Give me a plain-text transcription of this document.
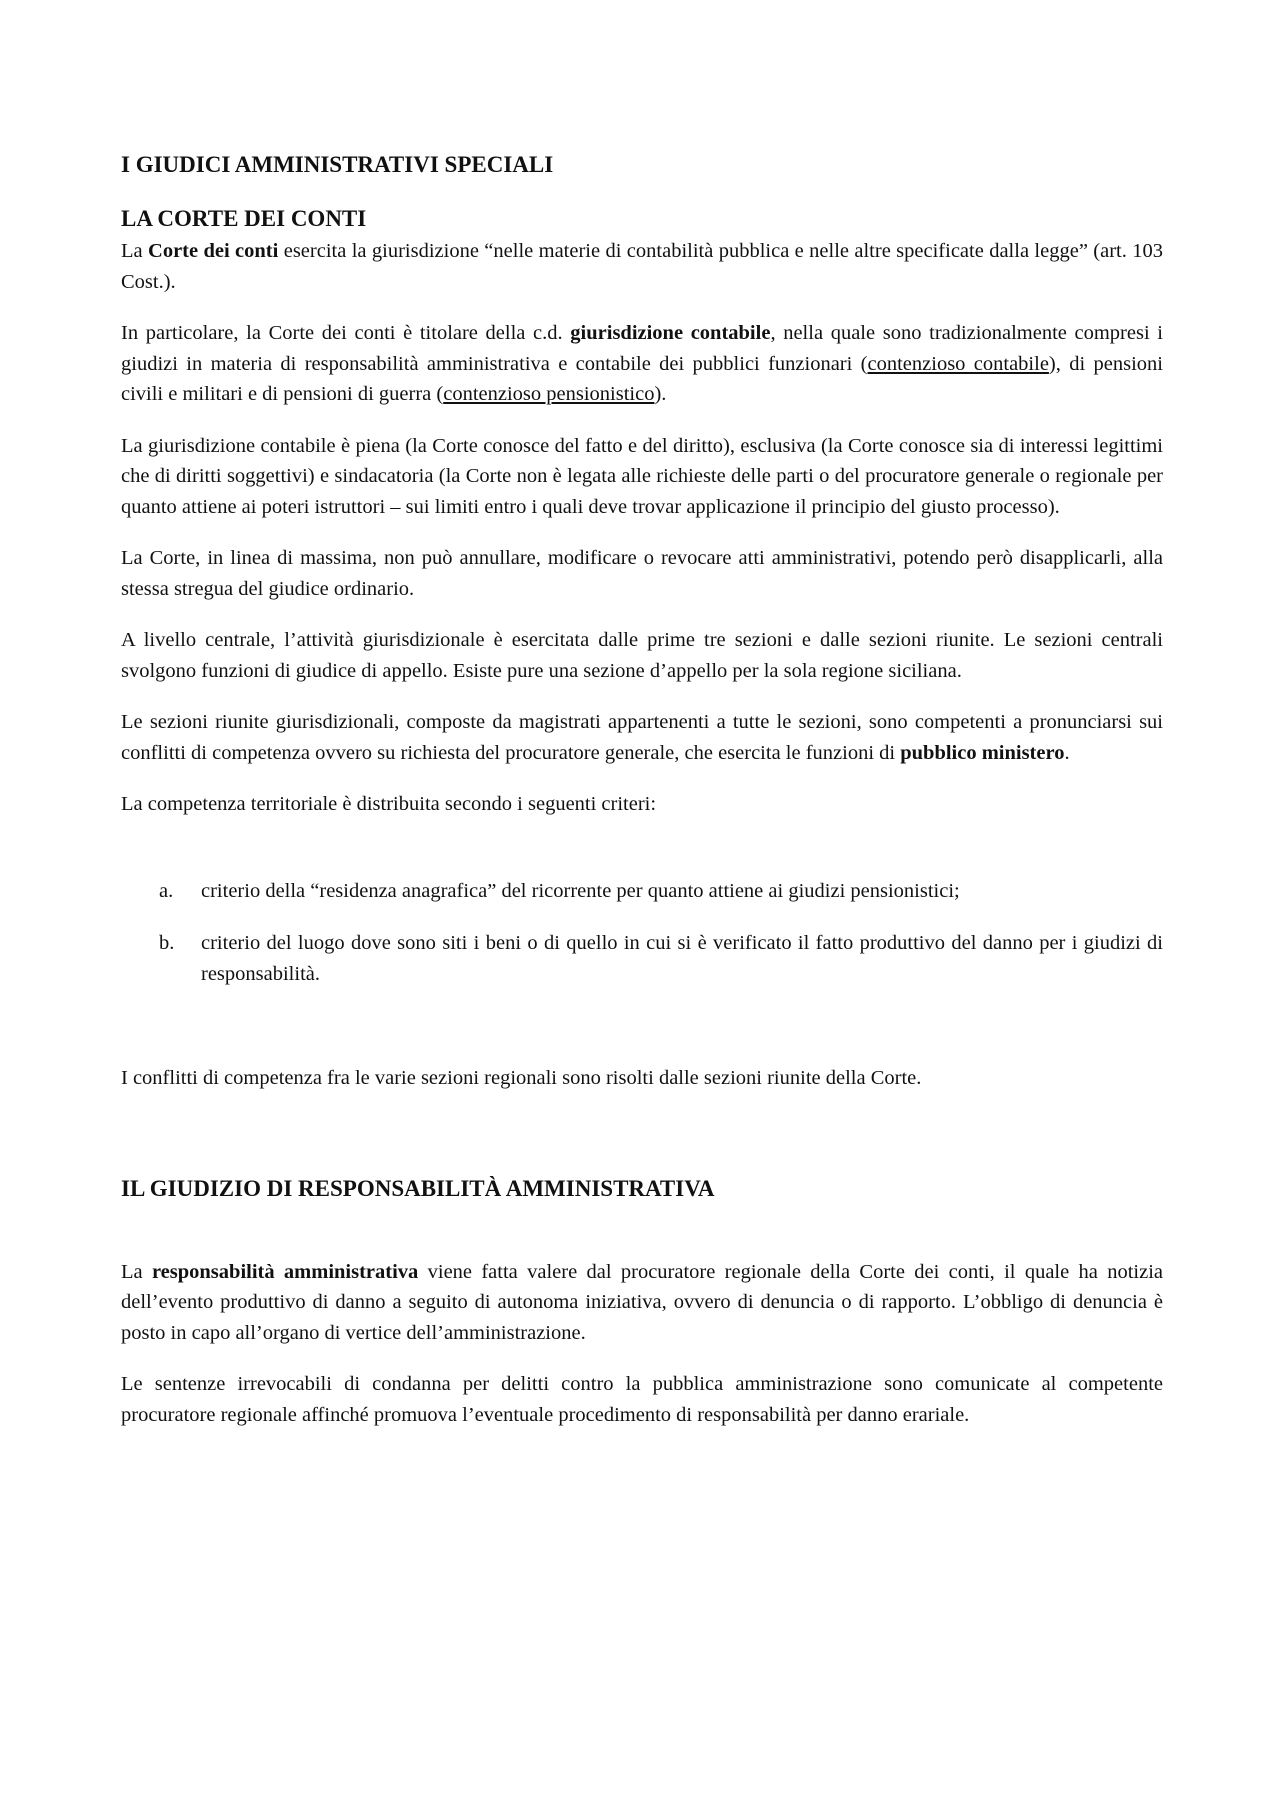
I GIUDICI AMMINISTRATIVI SPECIALI
LA CORTE DEI CONTI

La Corte dei conti esercita la giurisdizione “nelle materie di contabilità pubblica e nelle altre specificate dalla legge” (art. 103 Cost.).

In particolare, la Corte dei conti è titolare della c.d. giurisdizione contabile, nella quale sono tradizionalmente compresi i giudizi in materia di responsabilità amministrativa e contabile dei pubblici funzionari (contenzioso contabile), di pensioni civili e militari e di pensioni di guerra (contenzioso pensionistico).

La giurisdizione contabile è piena (la Corte conosce del fatto e del diritto), esclusiva (la Corte conosce sia di interessi legittimi che di diritti soggettivi) e sindacatoria (la Corte non è legata alle richieste delle parti o del procuratore generale o regionale per quanto attiene ai poteri istruttori – sui limiti entro i quali deve trovar applicazione il principio del giusto processo).

La Corte, in linea di massima, non può annullare, modificare o revocare atti amministrativi, potendo però disapplicarli, alla stessa stregua del giudice ordinario.

A livello centrale, l’attività giurisdizionale è esercitata dalle prime tre sezioni e dalle sezioni riunite. Le sezioni centrali svolgono funzioni di giudice di appello. Esiste pure una sezione d’appello per la sola regione siciliana.

Le sezioni riunite giurisdizionali, composte da magistrati appartenenti a tutte le sezioni, sono competenti a pronunciarsi sui conflitti di competenza ovvero su richiesta del procuratore generale, che esercita le funzioni di pubblico ministero.

La competenza territoriale è distribuita secondo i seguenti criteri:

a. criterio della “residenza anagrafica” del ricorrente per quanto attiene ai giudizi pensionistici;
b. criterio del luogo dove sono siti i beni o di quello in cui si è verificato il fatto produttivo del danno per i giudizi di responsabilità.

I conflitti di competenza fra le varie sezioni regionali sono risolti dalle sezioni riunite della Corte.

IL GIUDIZIO DI RESPONSABILITÀ AMMINISTRATIVA

La responsabilità amministrativa viene fatta valere dal procuratore regionale della Corte dei conti, il quale ha notizia dell’evento produttivo di danno a seguito di autonoma iniziativa, ovvero di denuncia o di rapporto. L’obbligo di denuncia è posto in capo all’organo di vertice dell’amministrazione.

Le sentenze irrevocabili di condanna per delitti contro la pubblica amministrazione sono comunicate al competente procuratore regionale affinché promuova l’eventuale procedimento di responsabilità per danno erariale.
